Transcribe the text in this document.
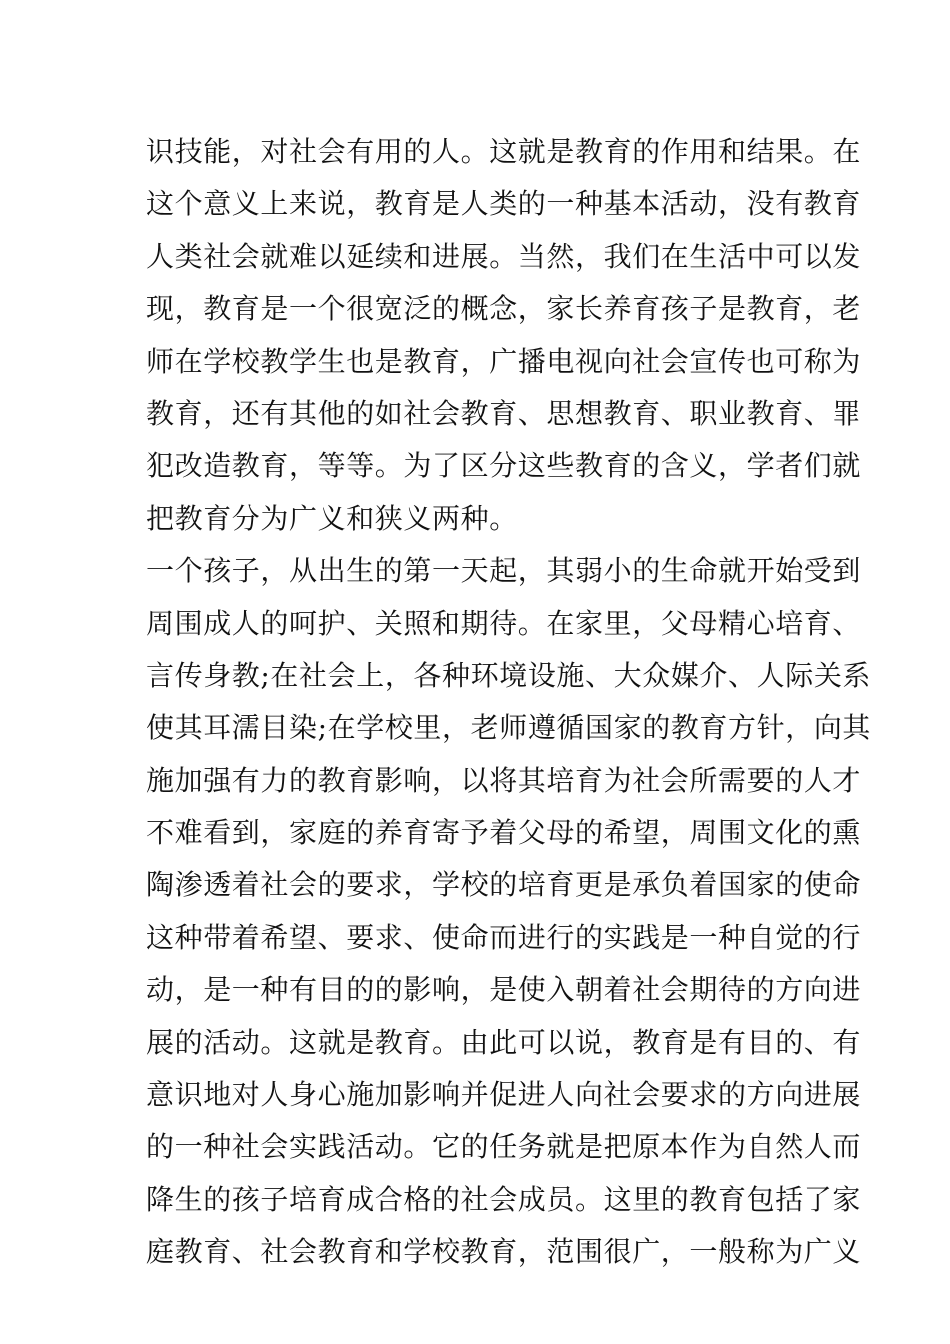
识技能，对社会有用的人。这就是教育的作用和结果。在
这个意义上来说，教育是人类的一种基本活动，没有教育
人类社会就难以延续和进展。当然，我们在生活中可以发
现，教育是一个很宽泛的概念，家长养育孩子是教育，老
师在学校教学生也是教育，广播电视向社会宣传也可称为
教育，还有其他的如社会教育、思想教育、职业教育、罪
犯改造教育，等等。为了区分这些教育的含义，学者们就
把教育分为广义和狭义两种。
一个孩子，从出生的第一天起，其弱小的生命就开始受到
周围成人的呵护、关照和期待。在家里，父母精心培育、
言传身教;在社会上，各种环境设施、大众媒介、人际关系
使其耳濡目染;在学校里，老师遵循国家的教育方针，向其
施加强有力的教育影响，以将其培育为社会所需要的人才
不难看到，家庭的养育寄予着父母的希望，周围文化的熏
陶渗透着社会的要求，学校的培育更是承负着国家的使命
这种带着希望、要求、使命而进行的实践是一种自觉的行
动，是一种有目的的影响，是使入朝着社会期待的方向进
展的活动。这就是教育。由此可以说，教育是有目的、有
意识地对人身心施加影响并促进人向社会要求的方向进展
的一种社会实践活动。它的任务就是把原本作为自然人而
降生的孩子培育成合格的社会成员。这里的教育包括了家
庭教育、社会教育和学校教育，范围很广，一般称为广义
